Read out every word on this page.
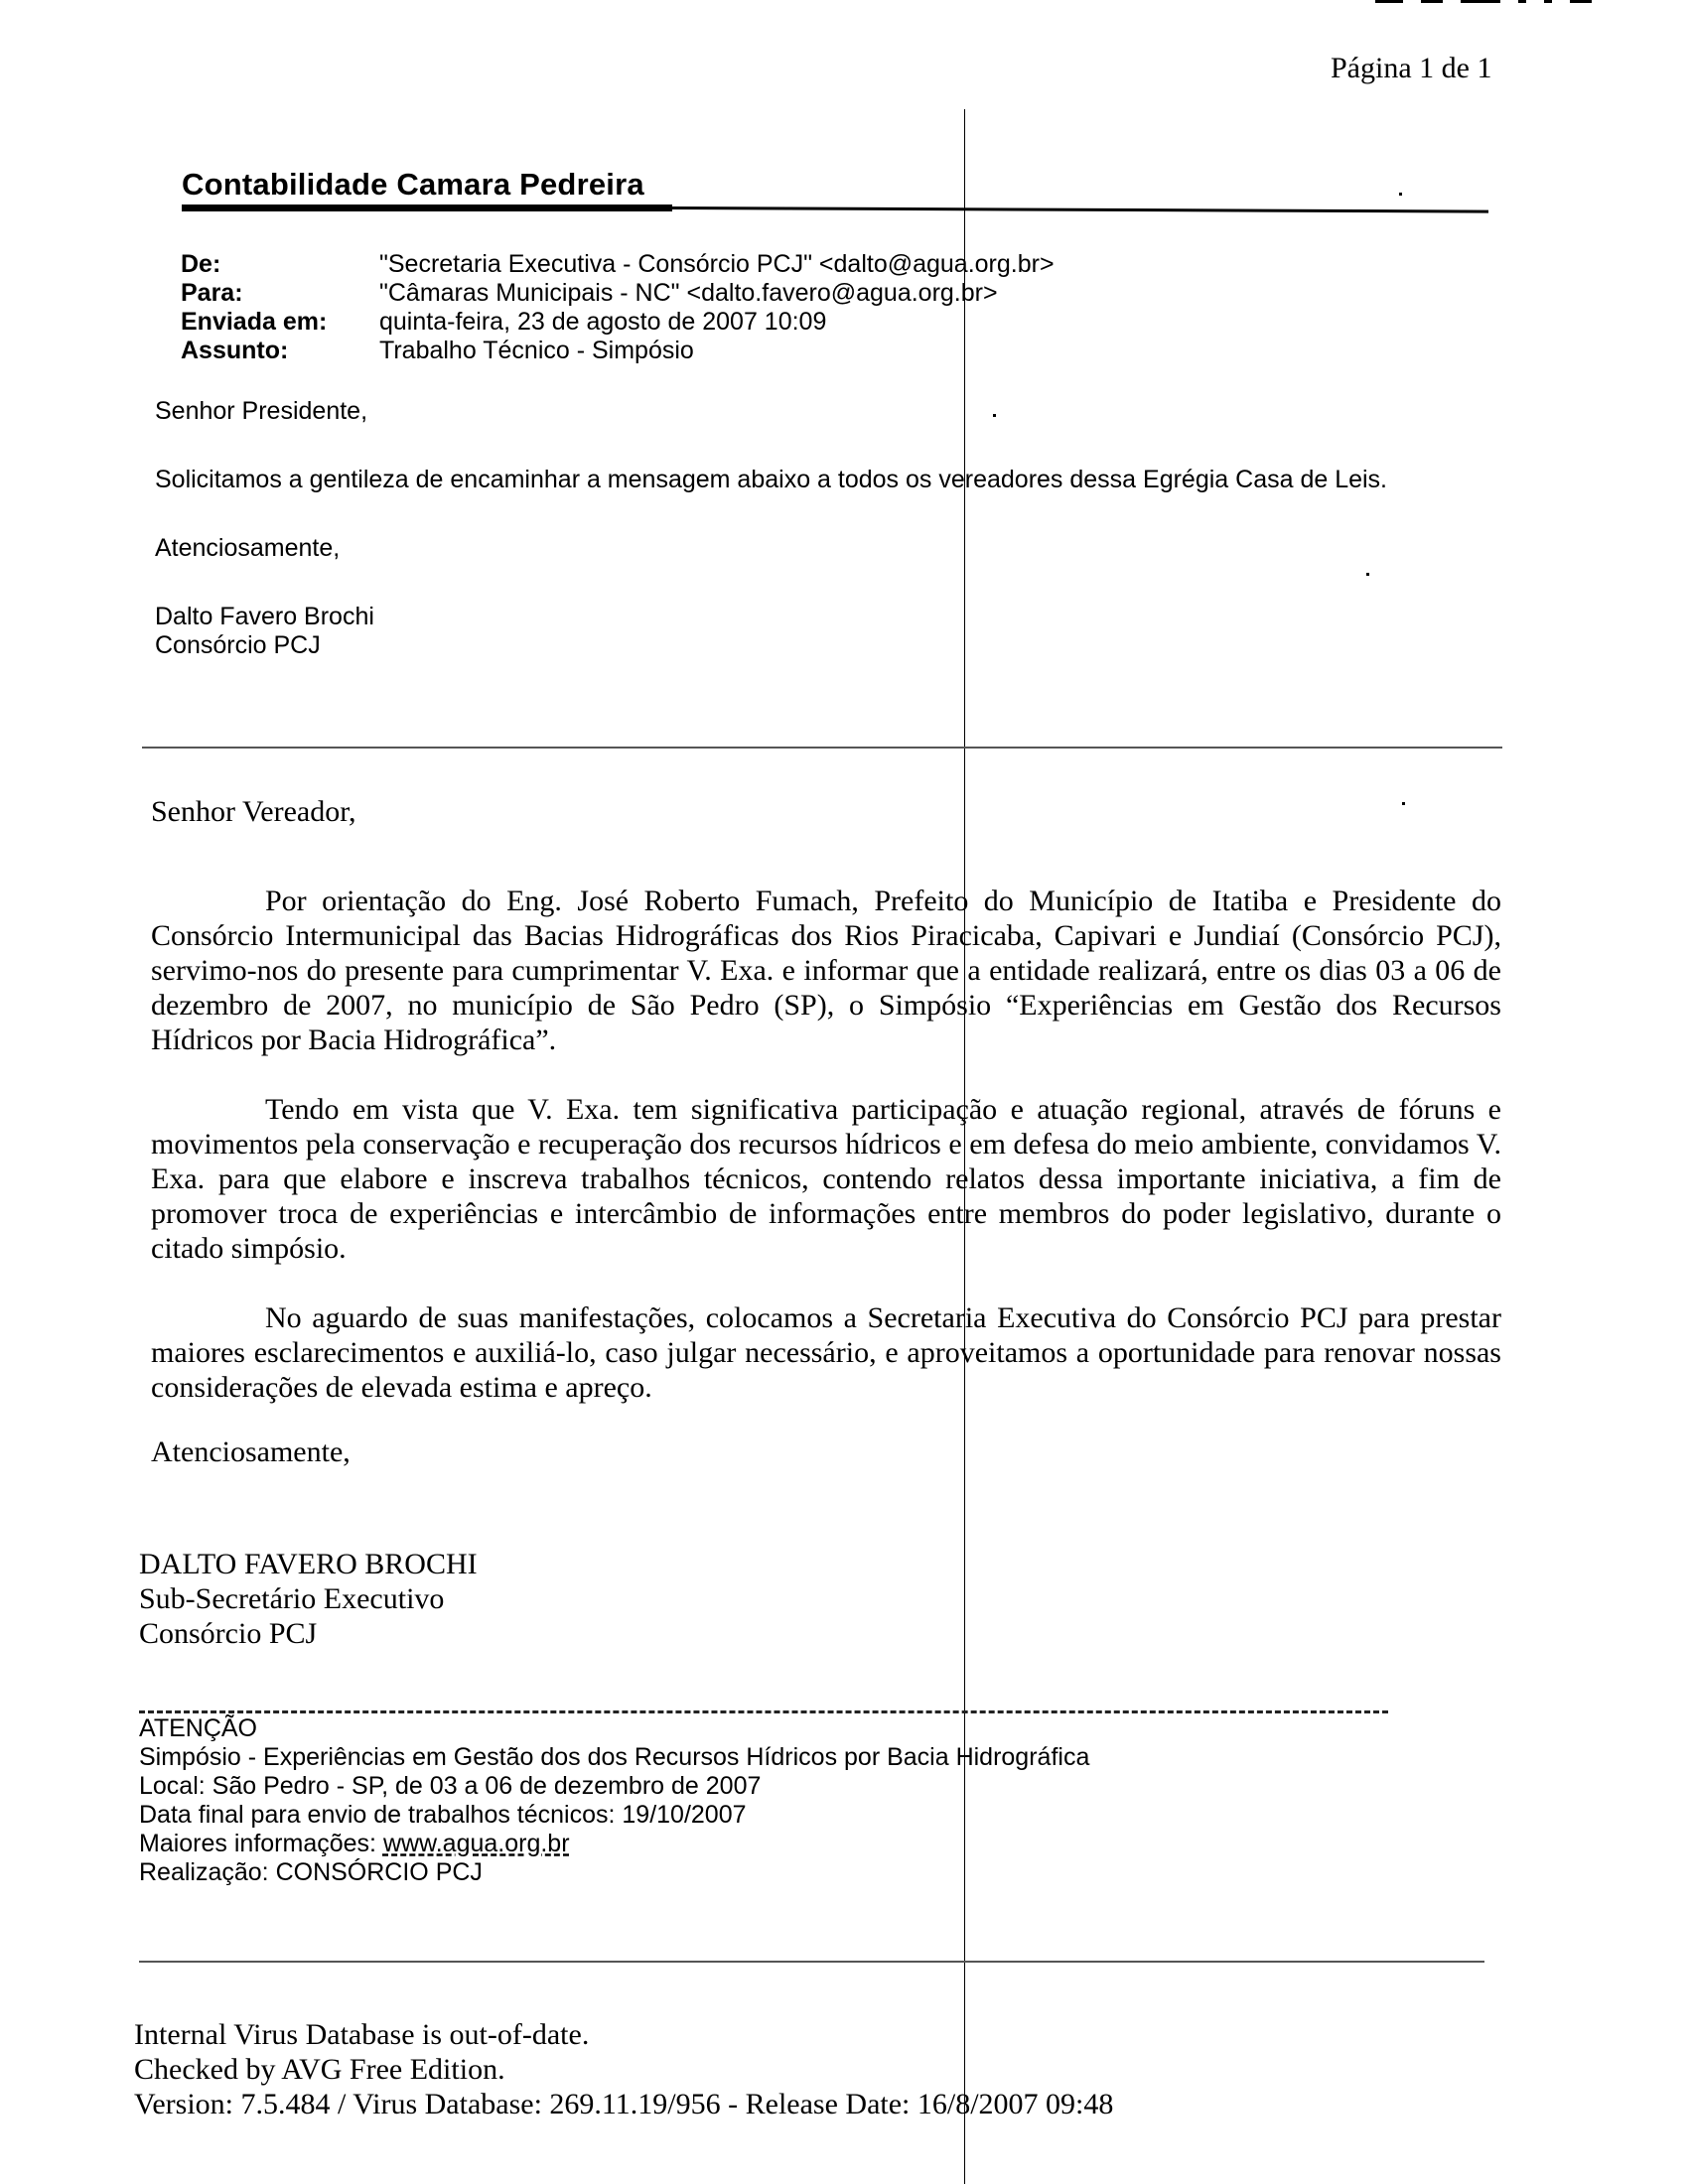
Página 1 de 1
Contabilidade Camara Pedreira
De:	"Secretaria Executiva - Consórcio PCJ" <dalto@agua.org.br>
Para:	"Câmaras Municipais - NC" <dalto.favero@agua.org.br>
Enviada em:	quinta-feira, 23 de agosto de 2007 10:09
Assunto:	Trabalho Técnico - Simpósio

Senhor Presidente,

Solicitamos a gentileza de encaminhar a mensagem abaixo a todos os vereadores dessa Egrégia Casa de Leis.

Atenciosamente,

Dalto Favero Brochi

Consórcio PCJ

Senhor Vereador,

Por orientação do Eng. José Roberto Fumach, Prefeito do Município de Itatiba e Presidente do Consórcio Intermunicipal das Bacias Hidrográficas dos Rios Piracicaba, Capivari e Jundiaí (Consórcio PCJ), servimo-nos do presente para cumprimentar V. Exa. e informar que a entidade realizará, entre os dias 03 a 06 de dezembro de 2007, no município de São Pedro (SP), o Simpósio “Experiências em Gestão dos Recursos Hídricos por Bacia Hidrográfica”.

Tendo em vista que V. Exa. tem significativa participação e atuação regional, através de fóruns e movimentos pela conservação e recuperação dos recursos hídricos e em defesa do meio ambiente, convidamos V. Exa. para que elabore e inscreva trabalhos técnicos, contendo relatos dessa importante iniciativa, a fim de promover troca de experiências e intercâmbio de informações entre membros do poder legislativo, durante o citado simpósio.

No aguardo de suas manifestações, colocamos a Secretaria Executiva do Consórcio PCJ para prestar maiores esclarecimentos e auxiliá-lo, caso julgar necessário, e aproveitamos a oportunidade para renovar nossas considerações de elevada estima e apreço.

Atenciosamente,

DALTO FAVERO BROCHI
Sub-Secretário Executivo
Consórcio PCJ
ATENÇÃO
Simpósio - Experiências em Gestão dos dos Recursos Hídricos por Bacia Hidrográfica
Local: São Pedro - SP, de 03 a 06 de dezembro de 2007
Data final para envio de trabalhos técnicos: 19/10/2007
Maiores informações: www.agua.org.br
Realização: CONSÓRCIO PCJ
Internal Virus Database is out-of-date.
Checked by AVG Free Edition.
Version: 7.5.484 / Virus Database: 269.11.19/956 - Release Date: 16/8/2007 09:48
